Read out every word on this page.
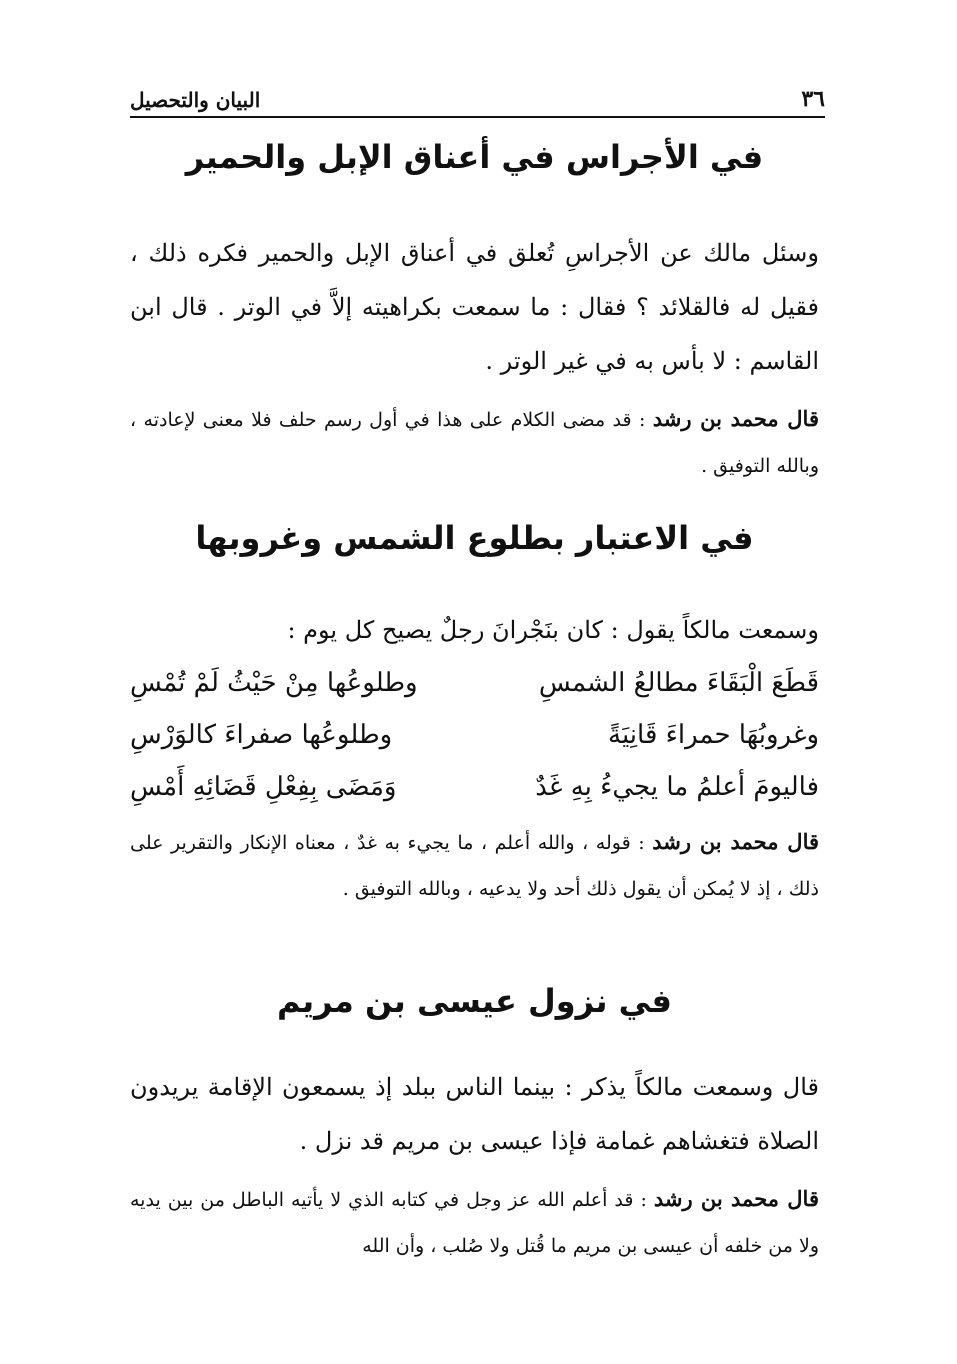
٣٦
البيان والتحصيل
في الأجراس في أعناق الإبل والحمير

وسئل مالك عن الأجراسِ تُعلق في أعناق الإبل والحمير فكره ذلك ، فقيل له فالقلائد ؟ فقال : ما سمعت بكراهيته إلاَّ في الوتر . قال ابن القاسم : لا بأس به في غير الوتر .

قال محمد بن رشد : قد مضى الكلام على هذا في أول رسم حلف فلا معنى لإعادته ، وبالله التوفيق .

في الاعتبار بطلوع الشمس وغروبها

وسمعت مالكاً يقول : كان بنَجْرانَ رجلٌ يصيح كل يوم :

قَطَعَ الْبَقَاءَ مطالعُ الشمسِ
وطلوعُها مِنْ حَيْثُ لَمْ تُمْسِ
وغروبُهَا حمراءَ قَانِيَةً
وطلوعُها صفراءَ كالوَرْسِ
فاليومَ أعلمُ ما يجيءُ بِهِ غَدٌ
وَمَضَى بِفِعْلِ قَضَائِهِ أَمْسِ

قال محمد بن رشد : قوله ، والله أعلم ، ما يجيء به غدٌ ، معناه الإنكار والتقرير على ذلك ، إذ لا يُمكن أن يقول ذلك أحد ولا يدعيه ، وبالله التوفيق .

في نزول عيسى بن مريم

قال وسمعت مالكاً يذكر : بينما الناس ببلد إذ يسمعون الإقامة يريدون الصلاة فتغشاهم غمامة فإذا عيسى بن مريم قد نزل .

قال محمد بن رشد : قد أعلم الله عز وجل في كتابه الذي لا يأتيه الباطل من بين يديه ولا من خلفه أن عيسى بن مريم ما قُتل ولا صُلب ، وأن الله
